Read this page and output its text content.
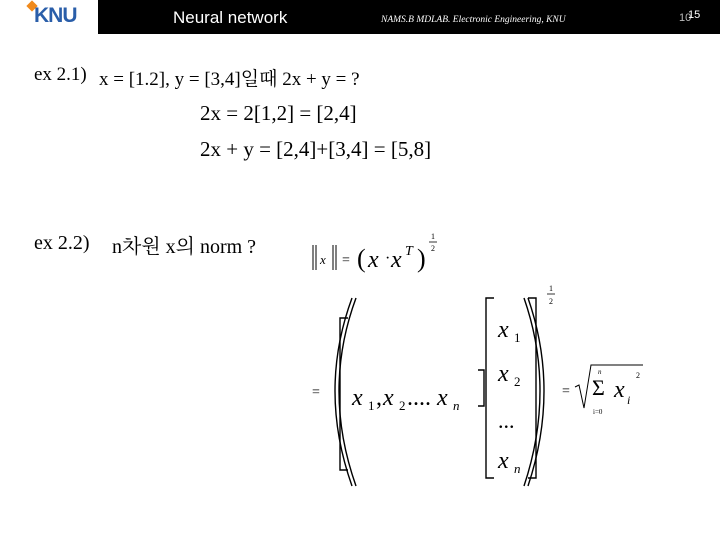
KNU	Neural network	NAMS.B MDLAB. Electronic Engineering, KNU	10
15
ex 2.1) x = [1.2], y = [3,4]일때 2x + y = ?
2x = 2[1,2] = [2,4]
2x + y = [2,4]+[3,4] = [5,8]
ex 2.2) n차원 x의 norm ?
x = ( x · x T )
1
2
=
1
2
x 1 , x 2 .... x n
x 1
x 2
...
x n
=
n
Σ
i=0
x i
2
